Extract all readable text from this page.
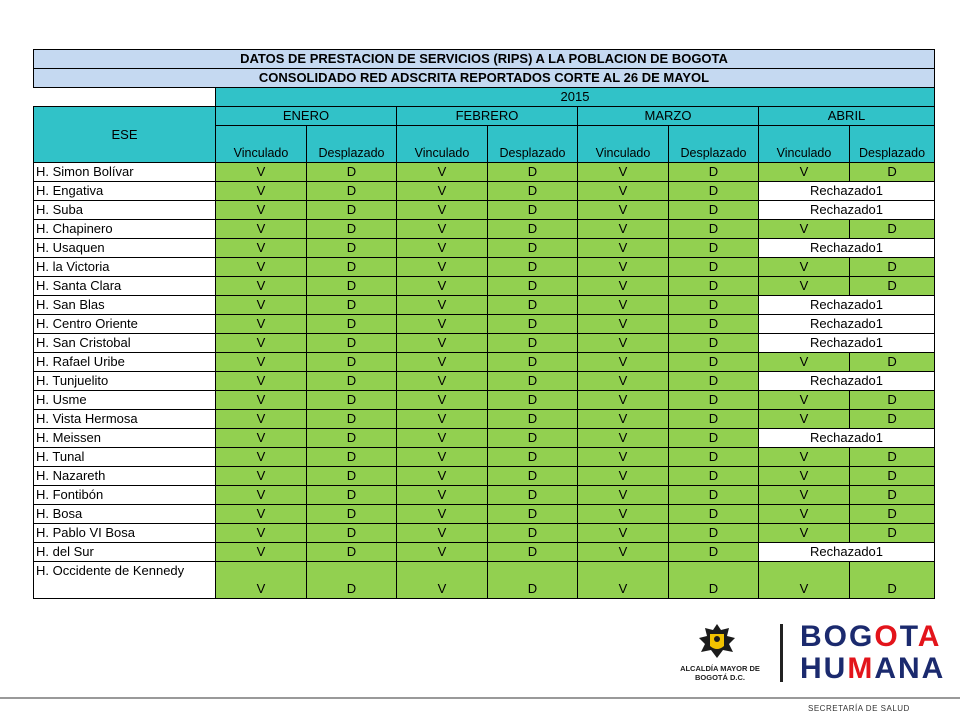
DATOS DE PRESTACION DE SERVICIOS (RIPS) A LA POBLACION DE BOGOTA								
CONSOLIDADO RED ADSCRITA REPORTADOS CORTE AL 26 DE MAYOL								
	2015							
ESE	ENERO		FEBRERO		MARZO		ABRIL	
	Vinculado	Desplazado	Vinculado	Desplazado	Vinculado	Desplazado	Vinculado	Desplazado
H. Simon Bolívar	V	D	V	D	V	D	V	D
H. Engativa	V	D	V	D	V	D	Rechazado1	
H. Suba	V	D	V	D	V	D	Rechazado1	
H. Chapinero	V	D	V	D	V	D	V	D
H. Usaquen	V	D	V	D	V	D	Rechazado1	
H. la Victoria	V	D	V	D	V	D	V	D
H. Santa Clara	V	D	V	D	V	D	V	D
H. San Blas	V	D	V	D	V	D	Rechazado1	
H. Centro Oriente	V	D	V	D	V	D	Rechazado1	
H. San Cristobal	V	D	V	D	V	D	Rechazado1	
H. Rafael Uribe	V	D	V	D	V	D	V	D
H. Tunjuelito	V	D	V	D	V	D	Rechazado1	
H. Usme	V	D	V	D	V	D	V	D
H. Vista Hermosa	V	D	V	D	V	D	V	D
H. Meissen	V	D	V	D	V	D	Rechazado1	
H. Tunal	V	D	V	D	V	D	V	D
H. Nazareth	V	D	V	D	V	D	V	D
H. Fontibón	V	D	V	D	V	D	V	D
H. Bosa	V	D	V	D	V	D	V	D
H. Pablo VI Bosa	V	D	V	D	V	D	V	D
H. del Sur	V	D	V	D	V	D	Rechazado1	
H. Occidente de Kennedy	V	D	V	D	V	D	V	D
ALCALDÍA MAYOR DE BOGOTÁ D.C.
BOGOTA
HUMANA
SECRETARÍA DE SALUD
